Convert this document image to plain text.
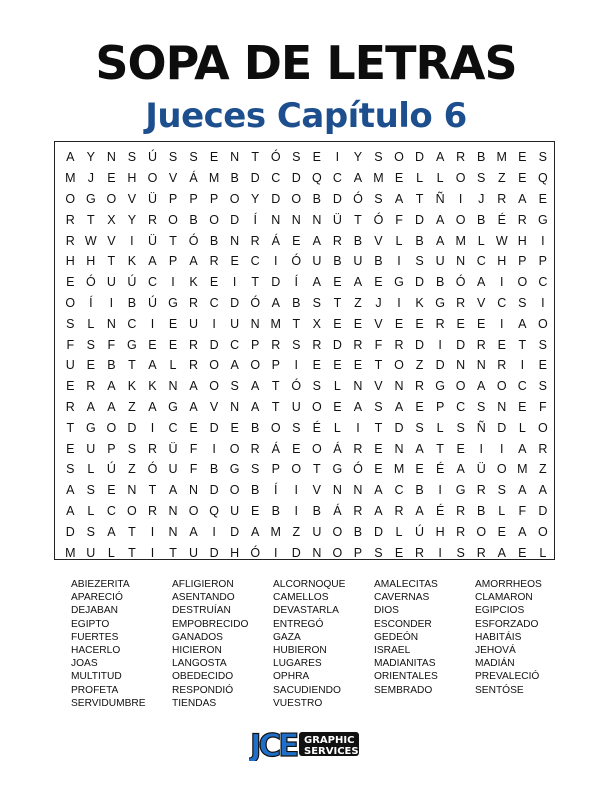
SOPA DE LETRAS
Jueces Capítulo 6
A Y N S Ú S S E N T Ó S E	I	Y S O D A R B M E S
M J	E H O V Á M B D C D Q C A M E	L	L O S	Z	E Q
O G O V Ü P P P O Y D O B D Ó S A	T Ñ	I	J	R A E
R T	X Y R O B O D	Í	N N N Ü T Ó F D A O B É R G
R W V	I	Ü T Ó B N R Á E A R B V	L	B A M L W H	I
H H T	K A P A R E C	I	Ó U B U B	I	S U N C H P P
E Ó U Ú C	I	K E	I	T D	Í	A E A E G D B Ó A	I	O C
O	Í	I	B Ú G R C D Ó A B S	T	Z	J	I	K G R V C S	I
S	L	N C	I	E U	I	U N M T	X E E V E E R E E	I	A O
F	S	F G E E R D C P R S R D R F R D	I	D R E	T	S
U E B	T	A	L	R O A O P	I	E E E	T O Z D N N R	I	E
E R A K K N A O S A	T Ó S	L	N V N R G O A O C S
R A A	Z	A G A V N A	T U O E A S A E P C S N E	F
T G O D	I	C E D E B O S É	L	I	T D S	L	S Ñ D	L O
E U P S R Ü F	I	O R Á E O Á R E N A	T	E	I	I	A R
S	L	Ú Z Ó U F	B G S P O T G Ó E M E É A Ü O M Z
A S E N T	A N D O B	Í	I	V N N A C B	I	G R S A A
A	L	C O R N O Q U E B	I	B Á R A R A É R B	L	F D
D S A	T	I	N A	I	D A M Z U O B D	L	Ú H R O E A O
M U	L	T	I	T U D H Ó	I	D N O P S E R	I	S R A E	L
ABIEZERITA	AFLIGIERON	ALCORNOQUE	AMALECITAS	AMORRHEOS
APARECIÓ	ASENTANDO	CAMELLOS	CAVERNAS	CLAMARON
DEJABAN	DESTRUÍAN	DEVASTARLA	DIOS	EGIPCIOS
EGIPTO	EMPOBRECIDO	ENTREGÓ	ESCONDER	ESFORZADO
FUERTES	GANADOS	GAZA	GEDEÓN	HABITÁIS
HACERLO	HICIERON	HUBIERON	ISRAEL	JEHOVÁ
JOAS	LANGOSTA	LUGARES	MADIANITAS	MADIÁN
MULTITUD	OBEDECIDO	OPHRA	ORIENTALES	PREVALECIÓ
PROFETA	RESPONDIÓ	SACUDIENDO	SEMBRADO	SENTÓSE
SERVIDUMBRE	TIENDAS	VUESTRO
JCE GRAPHIC
SERVICES
